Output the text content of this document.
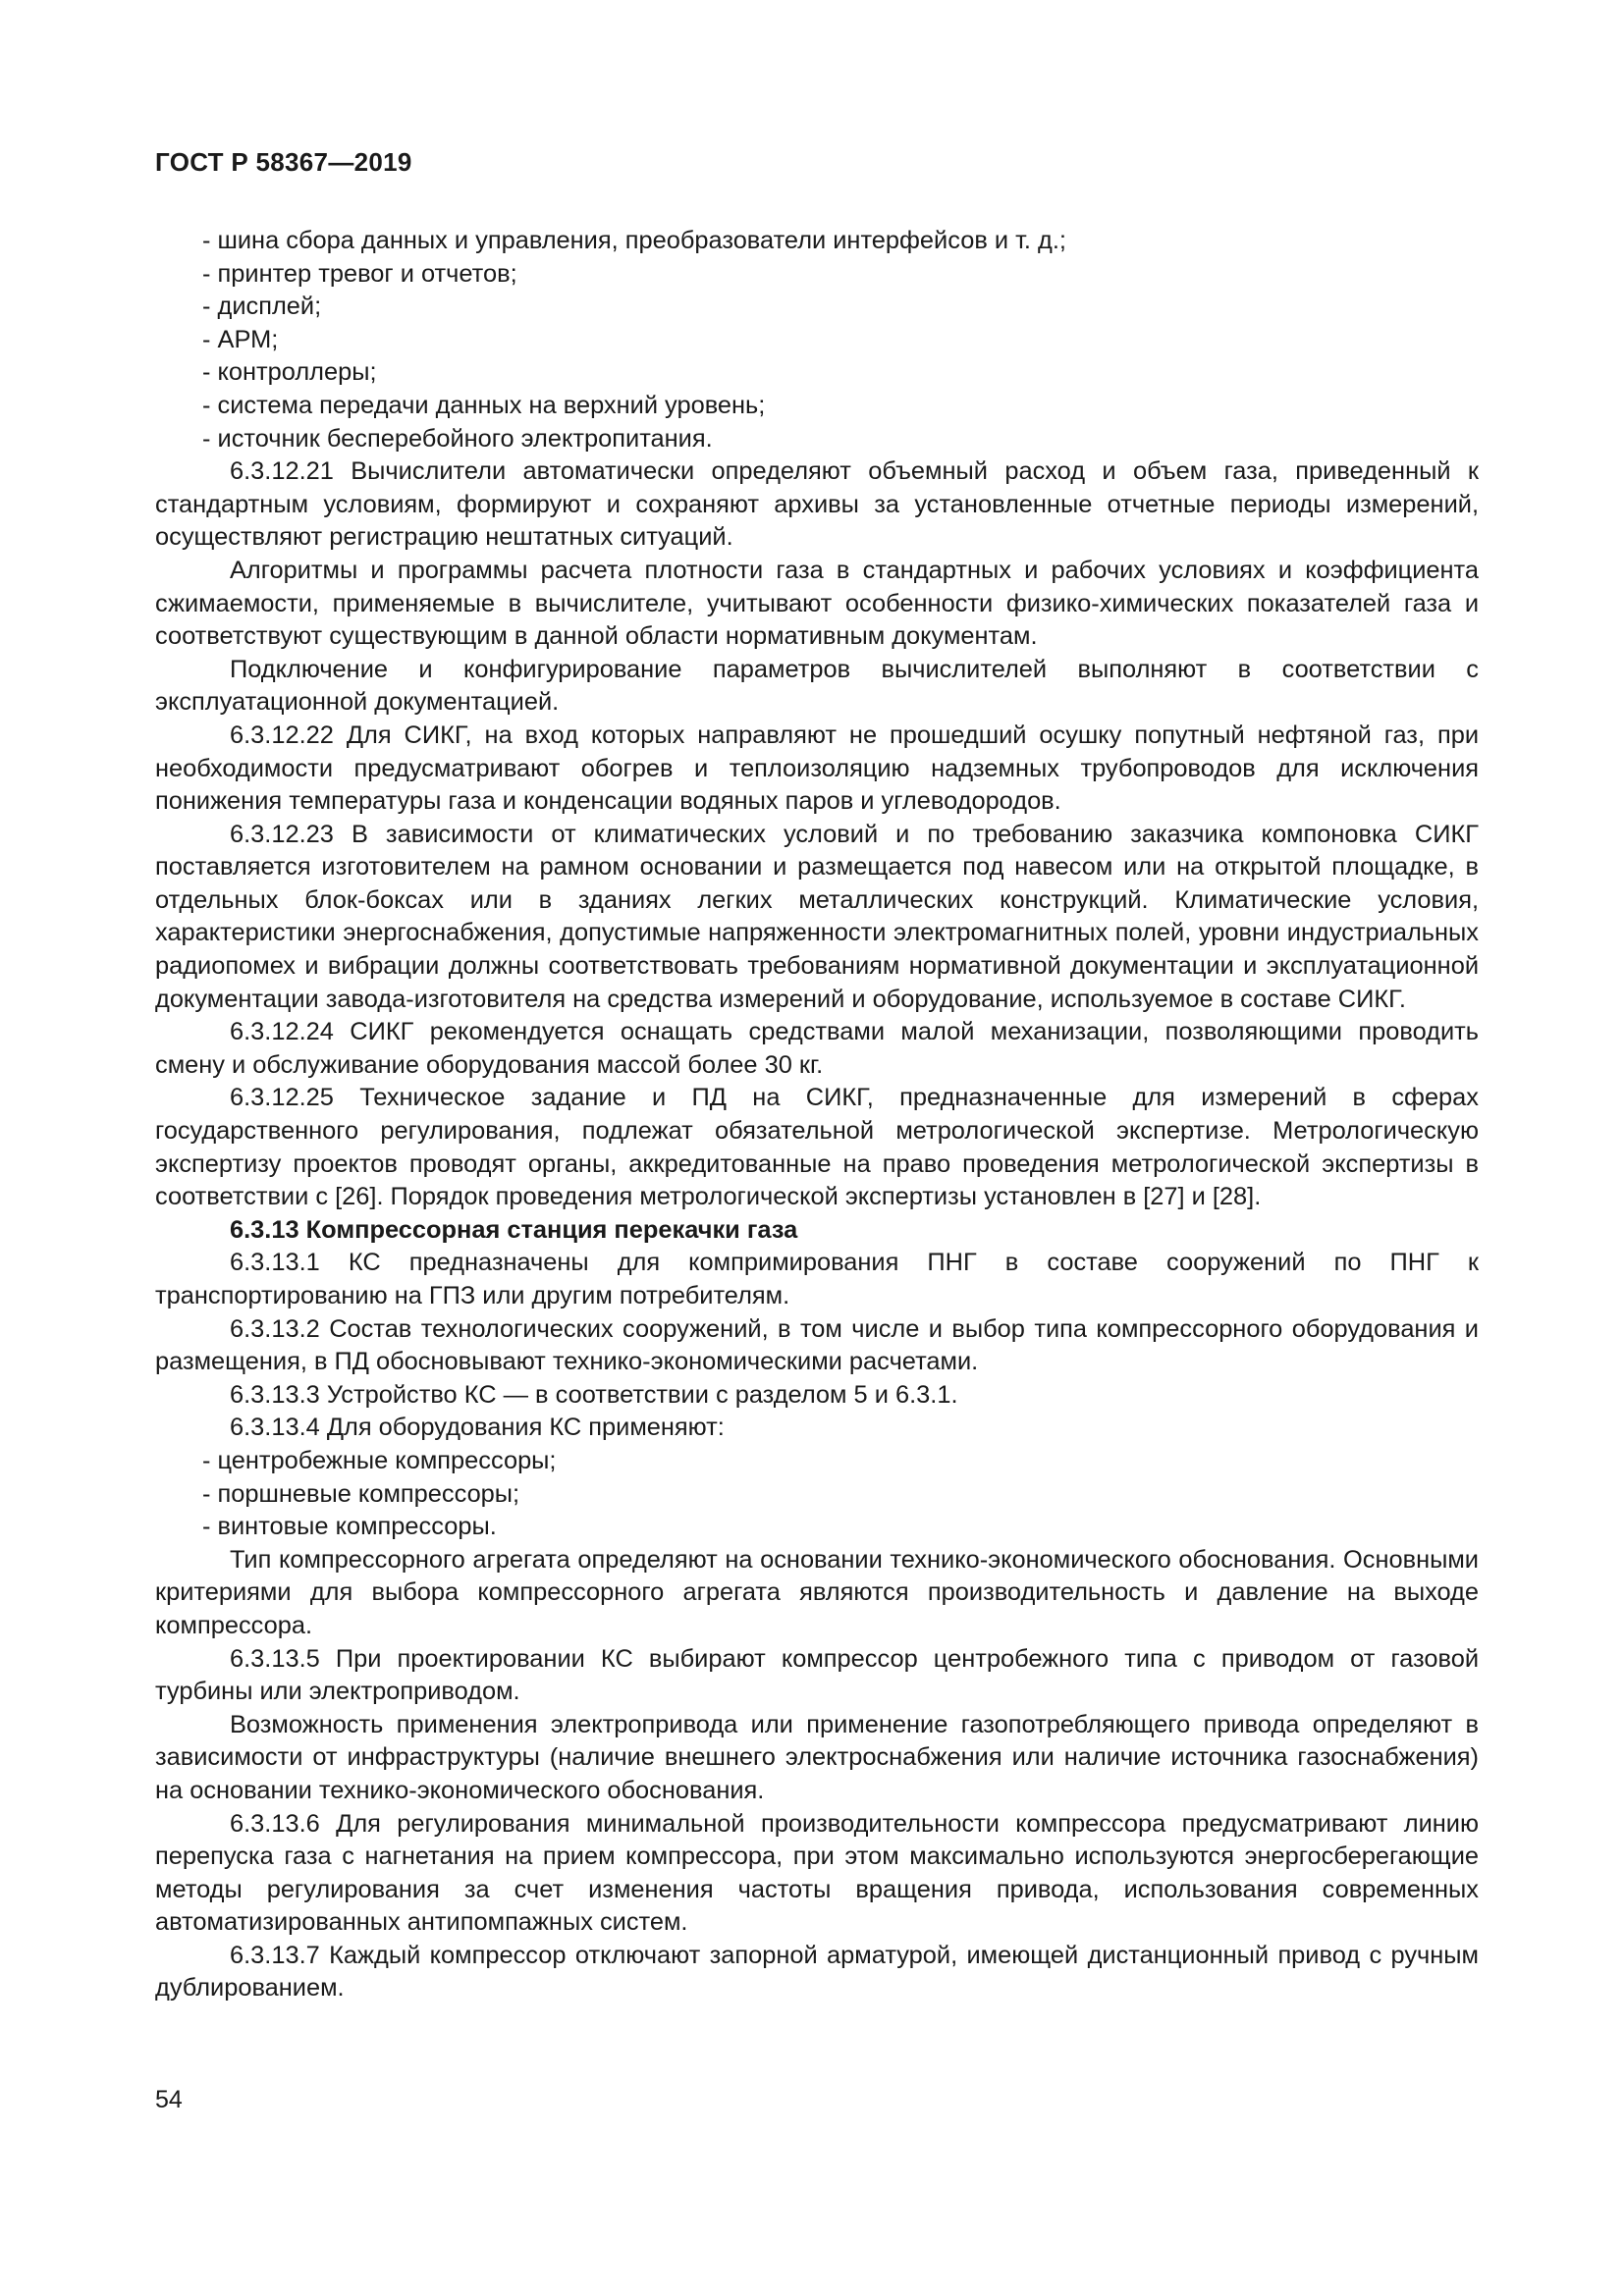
ГОСТ Р 58367—2019

- шина сбора данных и управления, преобразователи интерфейсов и т. д.;

- принтер тревог и отчетов;

- дисплей;

- АРМ;

- контроллеры;

- система передачи данных на верхний уровень;

- источник бесперебойного электропитания.

6.3.12.21 Вычислители автоматически определяют объемный расход и объем газа, приведенный к стандартным условиям, формируют и сохраняют архивы за установленные отчетные периоды измерений, осуществляют регистрацию нештатных ситуаций.

Алгоритмы и программы расчета плотности газа в стандартных и рабочих условиях и коэффициента сжимаемости, применяемые в вычислителе, учитывают особенности физико-химических показателей газа и соответствуют существующим в данной области нормативным документам.

Подключение и конфигурирование параметров вычислителей выполняют в соответствии с эксплуатационной документацией.

6.3.12.22 Для СИКГ, на вход которых направляют не прошедший осушку попутный нефтяной газ, при необходимости предусматривают обогрев и теплоизоляцию надземных трубопроводов для исключения понижения температуры газа и конденсации водяных паров и углеводородов.

6.3.12.23 В зависимости от климатических условий и по требованию заказчика компоновка СИКГ поставляется изготовителем на рамном основании и размещается под навесом или на открытой площадке, в отдельных блок-боксах или в зданиях легких металлических конструкций. Климатические условия, характеристики энергоснабжения, допустимые напряженности электромагнитных полей, уровни индустриальных радиопомех и вибрации должны соответствовать требованиям нормативной документации и эксплуатационной документации завода-изготовителя на средства измерений и оборудование, используемое в составе СИКГ.

6.3.12.24 СИКГ рекомендуется оснащать средствами малой механизации, позволяющими проводить смену и обслуживание оборудования массой более 30 кг.

6.3.12.25 Техническое задание и ПД на СИКГ, предназначенные для измерений в сферах государственного регулирования, подлежат обязательной метрологической экспертизе. Метрологическую экспертизу проектов проводят органы, аккредитованные на право проведения метрологической экспертизы в соответствии с [26]. Порядок проведения метрологической экспертизы установлен в [27] и [28].

6.3.13 Компрессорная станция перекачки газа

6.3.13.1 КС предназначены для компримирования ПНГ в составе сооружений по ПНГ к транспортированию на ГПЗ или другим потребителям.

6.3.13.2 Состав технологических сооружений, в том числе и выбор типа компрессорного оборудования и размещения, в ПД обосновывают технико-экономическими расчетами.

6.3.13.3 Устройство КС — в соответствии с разделом 5 и 6.3.1.

6.3.13.4 Для оборудования КС применяют:

- центробежные компрессоры;

- поршневые компрессоры;

- винтовые компрессоры.

Тип компрессорного агрегата определяют на основании технико-экономического обоснования. Основными критериями для выбора компрессорного агрегата являются производительность и давление на выходе компрессора.

6.3.13.5 При проектировании КС выбирают компрессор центробежного типа с приводом от газовой турбины или электроприводом.

Возможность применения электропривода или применение газопотребляющего привода определяют в зависимости от инфраструктуры (наличие внешнего электроснабжения или наличие источника газоснабжения) на основании технико-экономического обоснования.

6.3.13.6 Для регулирования минимальной производительности компрессора предусматривают линию перепуска газа с нагнетания на прием компрессора, при этом максимально используются энергосберегающие методы регулирования за счет изменения частоты вращения привода, использования современных автоматизированных антипомпажных систем.

6.3.13.7 Каждый компрессор отключают запорной арматурой, имеющей дистанционный привод с ручным дублированием.

54
